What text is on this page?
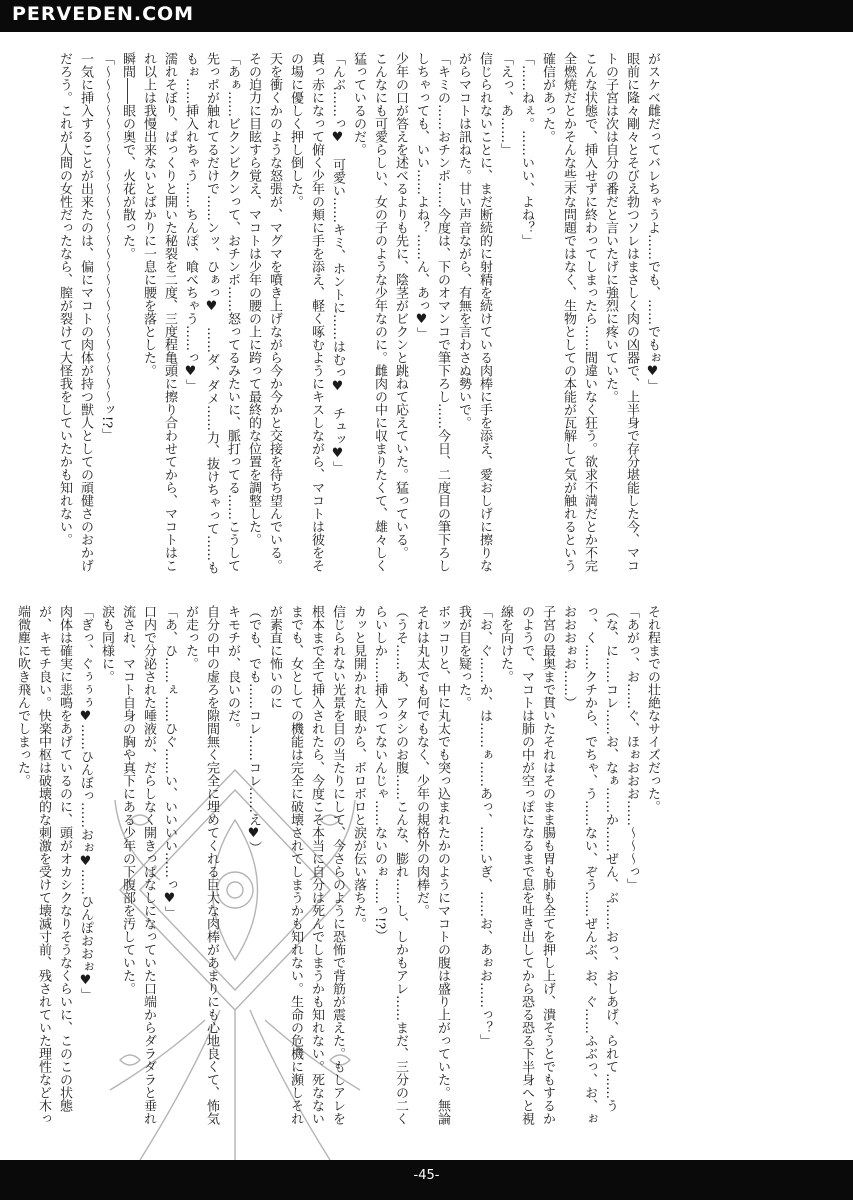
PERVEDEN.COM

がスケベ雌だってバレちゃうよ……でも、……でもぉ♥」

眼前に隆々剛々とそびえ勃つソレはまさしく肉の凶器で、上半身で存分堪能した今、マコトの子宮は次は自分の番だと言いたげに強烈に疼いていた。

こんな状態で、挿入せずに終わってしまったら……間違いなく狂う。欲求不満だとか不完全燃焼だとかそんな些末な問題ではなく、生物としての本能が瓦解して気が触れるという確信があった。

「……ねぇ。……いい、よね？」

「えっ、あ……」

信じられないことに、まだ断続的に射精を続けている肉棒に手を添え、愛おしげに擦りながらマコトは訊ねた。甘い声音ながら、有無を言わさぬ勢いで。

「キミの……おチンポ……今度は、下のオマンコで筆下ろし……今日、二度目の筆下ろししちゃっても、いい……よね？……ん、あっ♥」

少年の口が答えを述べるよりも先に、陰茎がビクンと跳ねて応えていた。猛っている。

こんなにも可愛らしい、女の子のような少年なのに。雌肉の中に収まりたくて、雄々しく猛っているのだ。

「んぶ……っ♥　可愛い……キミ、ホントに……はむっ♥　チュッ♥」

真っ赤になって俯く少年の頬に手を添え、軽く啄むようにキスしながら、マコトは彼をその場に優しく押し倒した。

天を衝くかのような怒張が、マグマを噴き上げながら今か今かと交接を待ち望んでいる。その迫力に目眩すら覚え、マコトは少年の腰の上に跨って最終的な位置を調整した。

「あぁ……ビクンビクンって、おチンポ……怒ってるみたいに、脈打ってる……こうして先っポが触れてるだけで……ンッ、ひぁっ♥　……ダ、ダメ……力、抜けちゃって……ももぉ……挿入れちゃう……ちんぽ、喰べちゃう……っ♥」

濡れそぼり、ぱっくりと開いた秘裂を二度、三度程亀頭に擦り合わせてから、マコトはこれ以上は我慢出来ないとばかりに一息に腰を落とした。

瞬間――眼の奥で、火花が散った。

「～～～～～～～～～～～～～～～～～～～～～～～～～～ッ!?」

一気に挿入することが出来たのは、偏にマコトの肉体が持つ獣人としての頑健さのおかげだろう。これが人間の女性だったなら、膣が裂けて大怪我をしていたかも知れない。

それ程までの壮絶なサイズだった。

「あがっ、お……ぐ、ほぉおおお……～～～っ」

（な、に……コレ……お、なぁ……か……ぜん、ぶ……おっ、おしあげ、られて……うっ、く……クチから、でちゃ、う……ない、ぞう……ぜんぶ、お、ぐ……ふぶっ、お、ぉおおおぉお……）

子宮の最奥まで貫いたそれはそのまま腸も胃も肺も全てを押し上げ、潰そうとでもするかのようで、マコトは肺の中が空っぽになるまで息を吐き出してから恐る恐る下半身へと視線を向けた。

「お、ぐ……か、は……ぁ……あっ、……いぎ、……お、あぉお……っ？」

我が目を疑った。

ボッコリと、中に丸太でも突っ込まれたかのようにマコトの腹は盛り上がっていた。無論それは丸太でも何でもなく、少年の規格外の肉棒だ。

（うそ……あ、アタシのお腹……こんな、膨れ……し、しかもアレ……まだ、三分の二くらいしか……挿入ってないんじゃ……ないのぉ……っ!?）

カッと見開かれた眼から、ボロボロと涙が伝い落ちた。

信じられない光景を目の当たりにして、今さらのように恐怖で背筋が震えた。もしアレを根本まで全て挿入されたら、今度こそ本当に自分は死んでしまうかも知れない。死なないまでも、女としての機能は完全に破壊されてしまうかも知れない。生命の危機に瀕しそれが素直に怖いのに

（でも、でも……コレ……コレ……え♥）

キモチが、良いのだ。

自分の中の虚ろを隙間無く完全に埋めてくれる巨大な肉棒があまりにも心地良くて、怖気が走った。

「あ、ひ……ぇ……ひぐ……い、いいいい……っ♥」

口内で分泌された唾液が、だらしなく開きっぱなしになっていた口端からダラダラと垂れ流され、マコト自身の胸や真下にある少年の下腹部を汚していた。

涙も同様に。

「ぎっ、ぐぅぅぅ♥……ひんぼっ……おぉ♥……ひんぽおおぉ♥」

肉体は確実に悲鳴をあげているのに、頭がオカシクなりそうなくらいに、このこの状態が、キモチ良い。快楽中枢は破壊的な刺激を受けて壊滅寸前、残されていた理性など木っ端微塵に吹き飛んでしまった。

-45-
